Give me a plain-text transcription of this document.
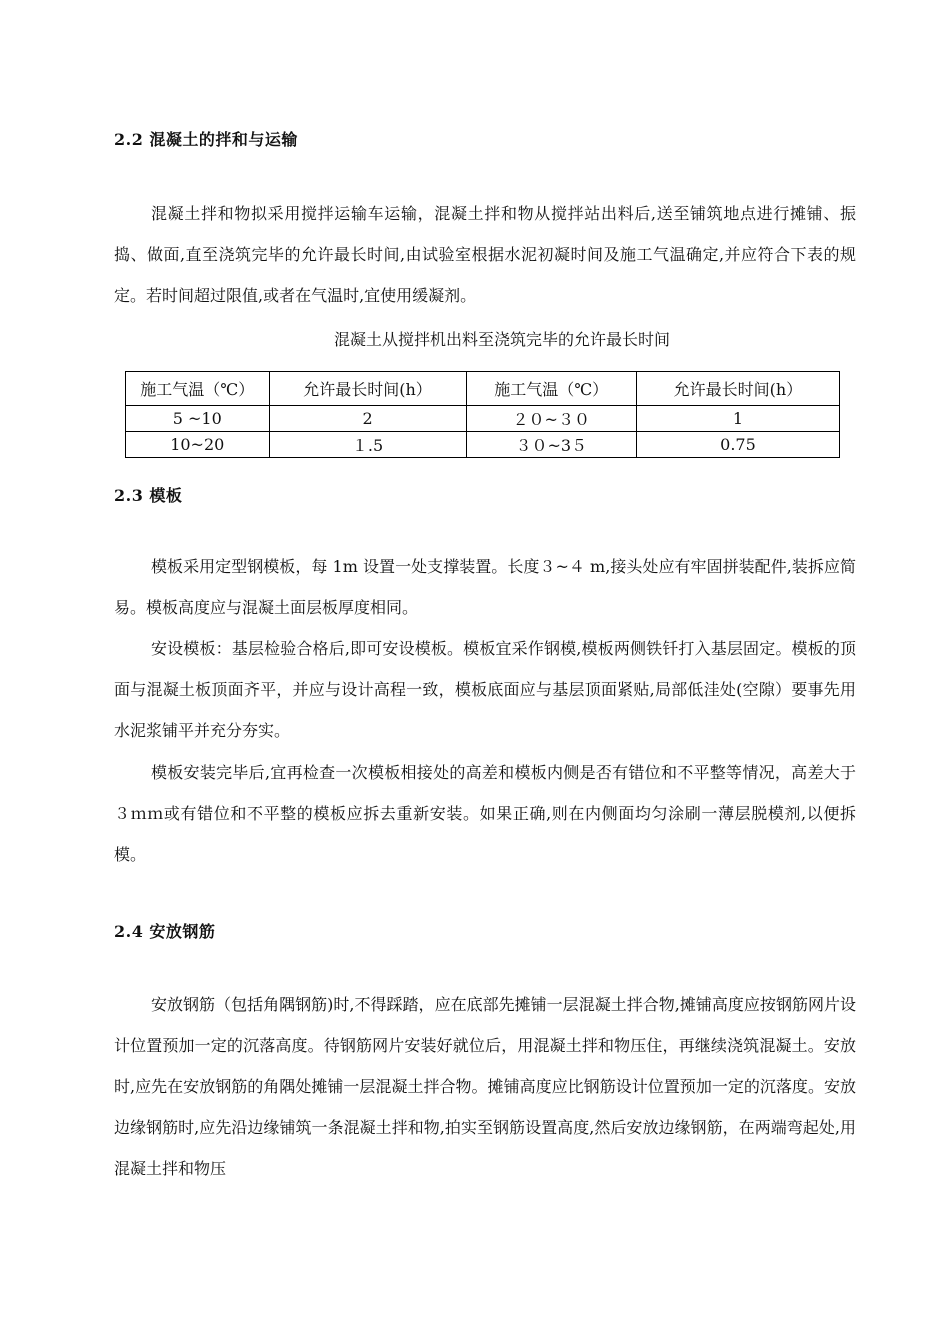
2.2 混凝土的拌和与运输

混凝土拌和物拟采用搅拌运输车运输，混凝土拌和物从搅拌站出料后,送至铺筑地点进行摊铺、振捣、做面,直至浇筑完毕的允许最长时间,由试验室根据水泥初凝时间及施工气温确定,并应符合下表的规定。若时间超过限值,或者在气温时,宜使用缓凝剂。

混凝土从搅拌机出料至浇筑完毕的允许最长时间
施工气温（℃）	允许最长时间(h）	施工气温（℃）	允许最长时间(h）
5 ~10	2	２０~３０	1
10~20	１.5	３０~3５	0.75
2.3 模板

模板采用定型钢模板，每 1m 设置一处支撑装置。长度３~４ m,接头处应有牢固拼装配件,装拆应简易。模板高度应与混凝土面层板厚度相同。

安设模板：基层检验合格后,即可安设模板。模板宜采作钢模,模板两侧铁钎打入基层固定。模板的顶面与混凝土板顶面齐平，并应与设计高程一致，模板底面应与基层顶面紧贴,局部低洼处(空隙）要事先用水泥浆铺平并充分夯实。

模板安装完毕后,宜再检查一次模板相接处的高差和模板内侧是否有错位和不平整等情况，高差大于３ｍｍ或有错位和不平整的模板应拆去重新安装。如果正确,则在内侧面均匀涂刷一薄层脱模剂,以便拆模。

2.4 安放钢筋

安放钢筋（包括角隅钢筋)时,不得踩踏，应在底部先摊铺一层混凝土拌合物,摊铺高度应按钢筋网片设计位置预加一定的沉落高度。待钢筋网片安装好就位后，用混凝土拌和物压住，再继续浇筑混凝土。安放时,应先在安放钢筋的角隅处摊铺一层混凝土拌合物。摊铺高度应比钢筋设计位置预加一定的沉落度。安放边缘钢筋时,应先沿边缘铺筑一条混凝土拌和物,拍实至钢筋设置高度,然后安放边缘钢筋，在两端弯起处,用混凝土拌和物压
